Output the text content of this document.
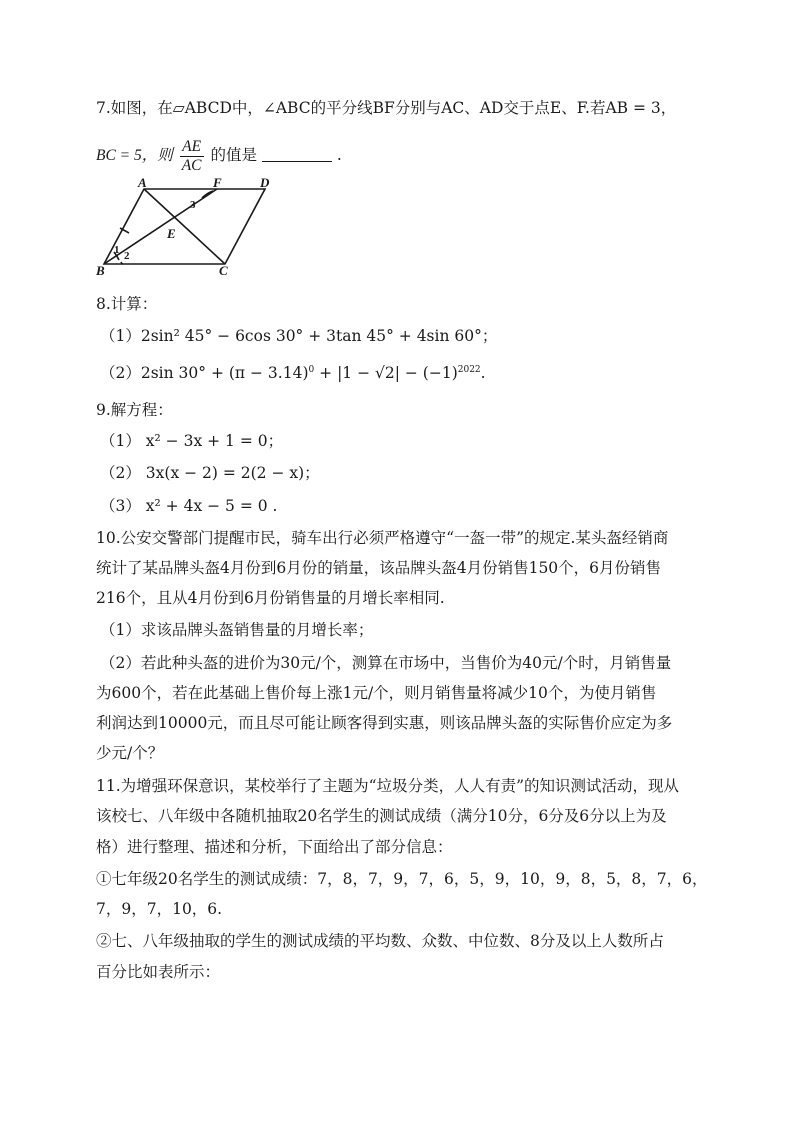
7.如图，在▱ABCD中，∠ABC的平分线BF分别与AC、AD交于点E、F.若AB = 3，
BC = 5，则 $\frac{AE}{AC}$ 的值是	.
A	F	D
E
B	C
1 2
3
8.计算：
（1）2sin² 45° − 6cos 30° + 3tan 45° + 4sin 60°；
（2）2sin $30^\circ + (\pi - 3.14)^0 + |1 - √2| - (-1)^{2022}$.
9.解方程：
（1） x² − 3x + 1 = 0；
（2） 3x(x − 2) = 2(2 − x)；
（3） x² + 4x − 5 = 0 .
10.公安交警部门提醒市民，骑车出行必须严格遵守“一盔一带”的规定.某头盔经销商
统计了某品牌头盔4月份到6月份的销量，该品牌头盔4月份销售150个，6月份销售
216个，且从4月份到6月份销售量的月增长率相同.
（1）求该品牌头盔销售量的月增长率；
（2）若此种头盔的进价为30元/个，测算在市场中，当售价为40元/个时，月销售量
为600个，若在此基础上售价每上涨1元/个，则月销售量将减少10个，为使月销售
利润达到10000元，而且尽可能让顾客得到实惠，则该品牌头盔的实际售价应定为多
少元/个？
11.为增强环保意识，某校举行了主题为“垃圾分类，人人有责”的知识测试活动，现从
该校七、八年级中各随机抽取20名学生的测试成绩（满分10分，6分及6分以上为及
格）进行整理、描述和分析，下面给出了部分信息：
①七年级20名学生的测试成绩：7，8，7，9，7，6，5，9，10，9，8，5，8，7，6，
7，9，7，10，6.
②七、八年级抽取的学生的测试成绩的平均数、众数、中位数、8分及以上人数所占
百分比如表所示：
